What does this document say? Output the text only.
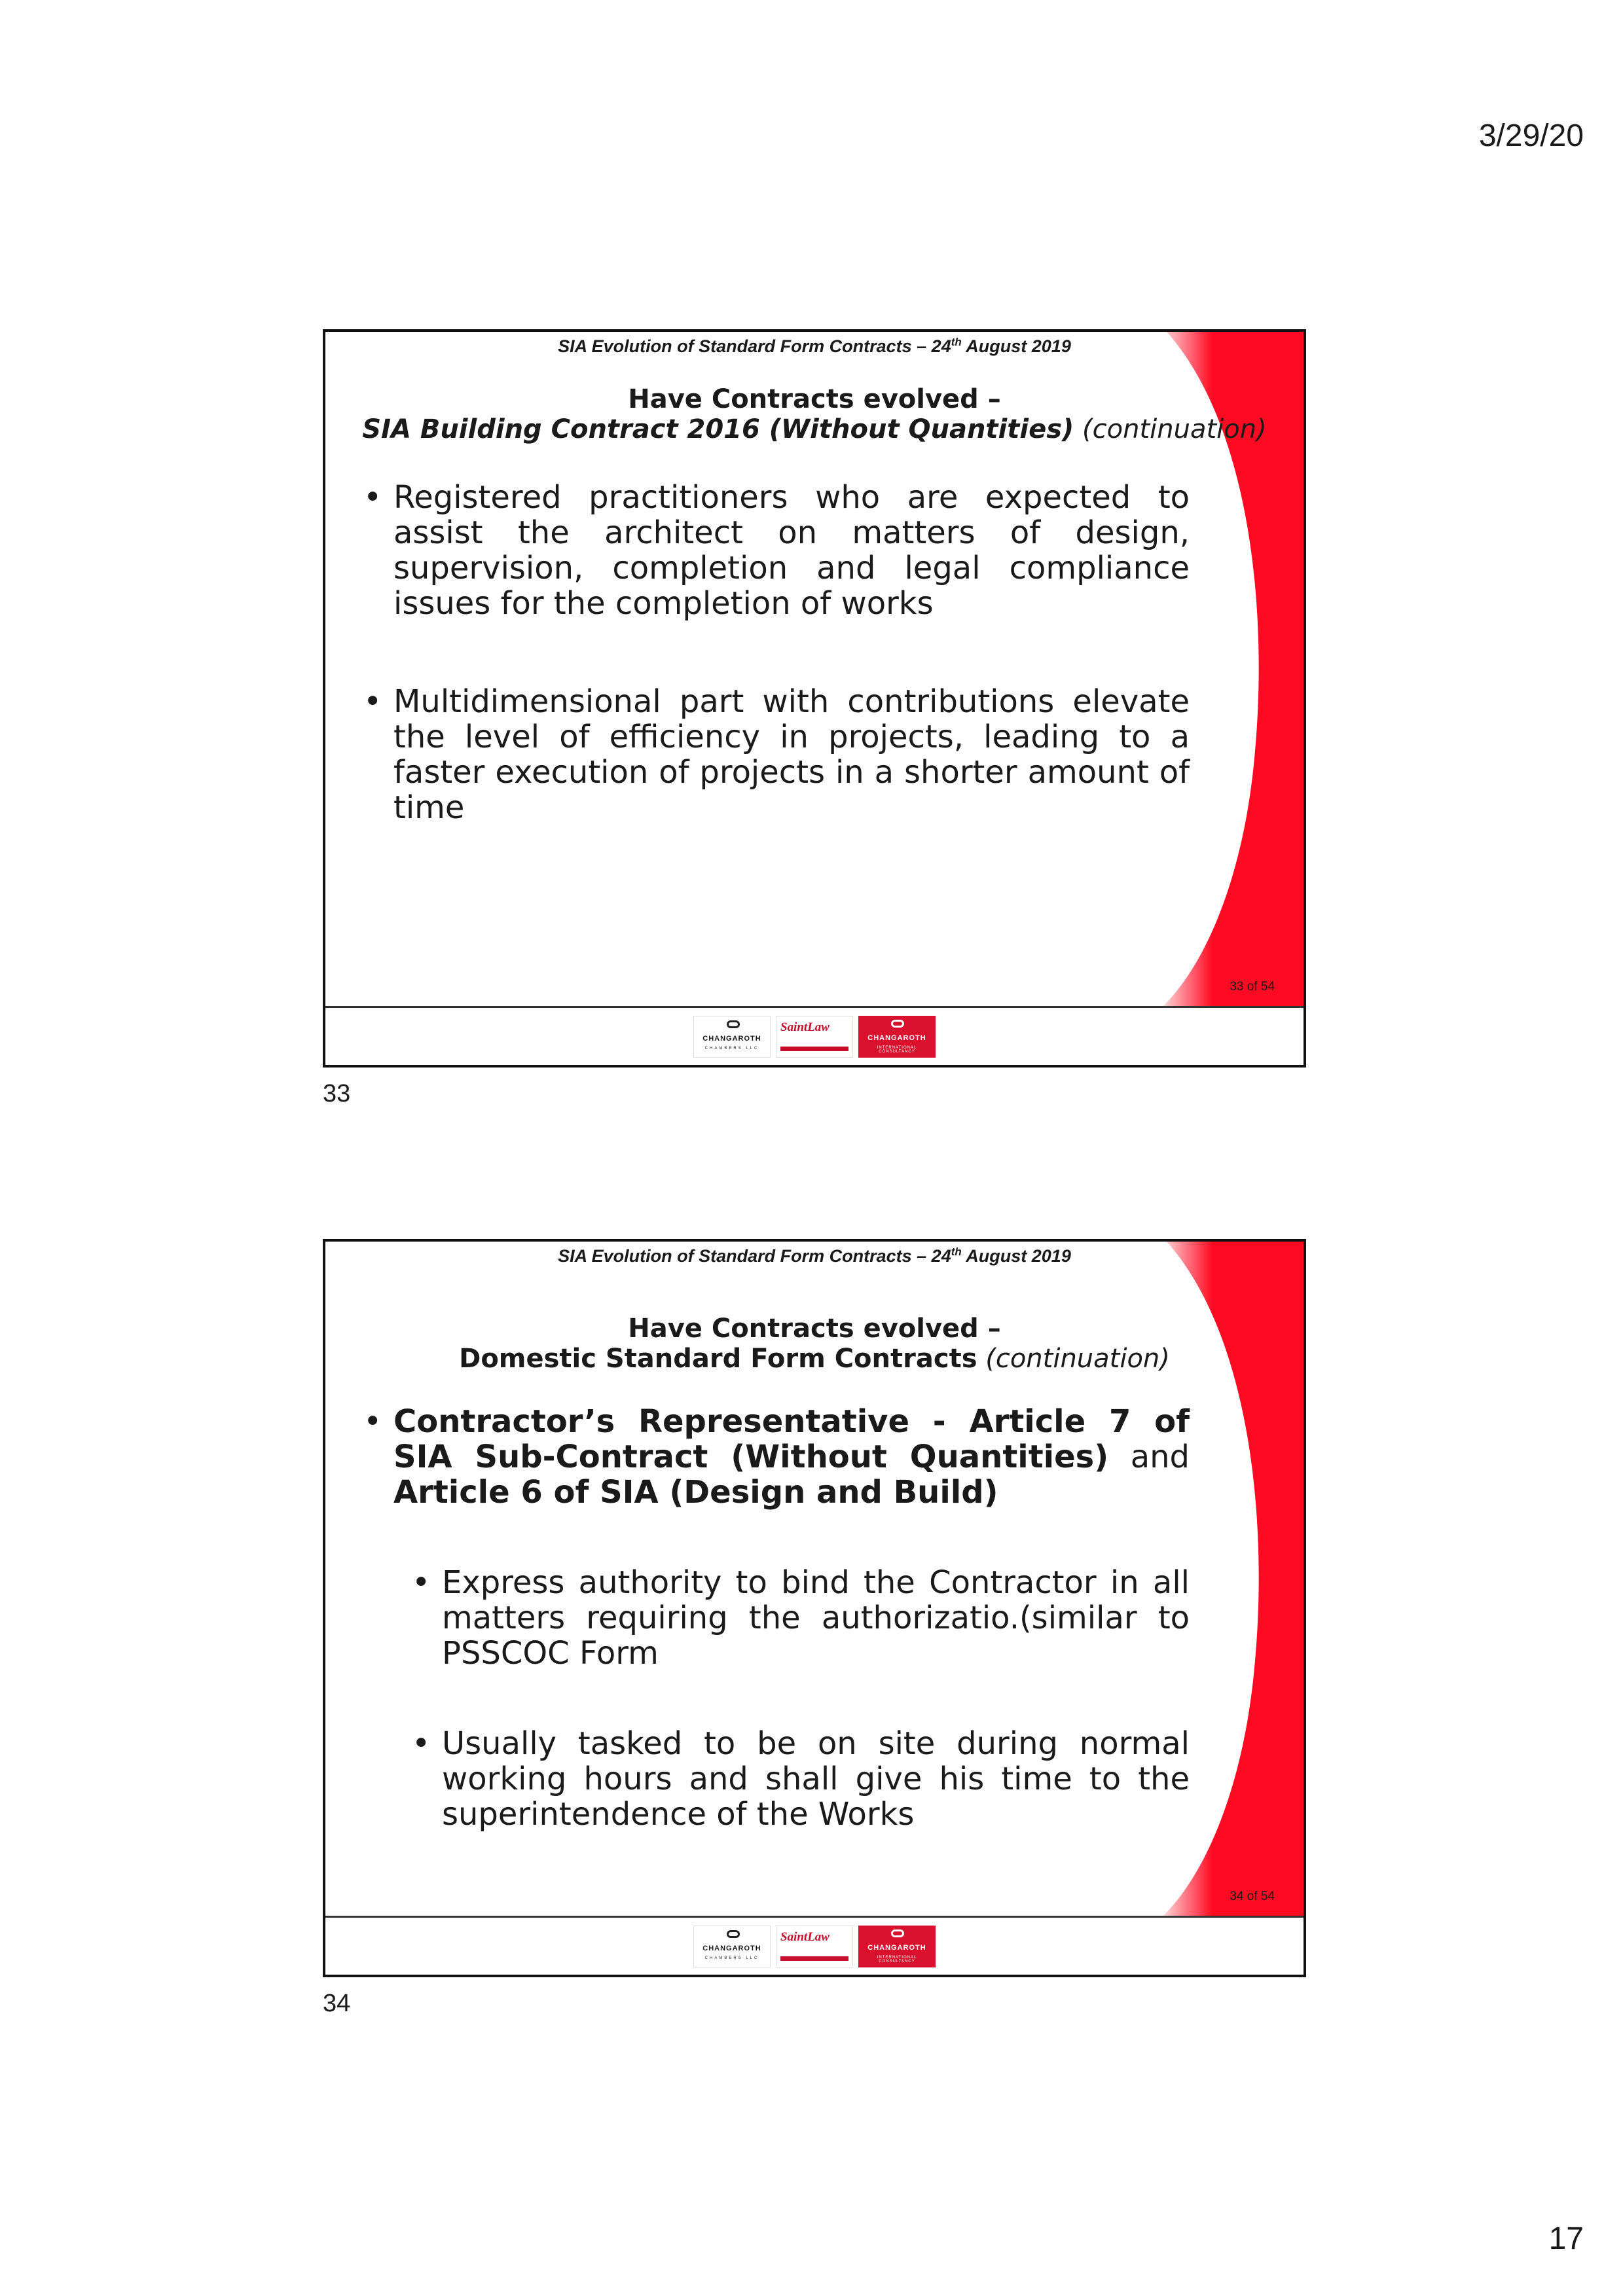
3/29/20
SIA Evolution of Standard Form Contracts – 24th August 2019
Have Contracts evolved –
SIA Building Contract 2016 (Without Quantities) (continuation)
• Registered practitioners who are expected to assist the architect on matters of design, supervision, completion and legal compliance issues for the completion of works
• Multidimensional part with contributions elevate the level of efficiency in projects, leading to a faster execution of projects in a shorter amount of time
33 of 54
CHANGAROTH
CHAMBERS LLC
SaintLaw
CHANGAROTH
INTERNATIONAL CONSULTANCY
33
SIA Evolution of Standard Form Contracts – 24th August 2019
Have Contracts evolved –
Domestic Standard Form Contracts (continuation)
• Contractor’s Representative - Article 7 of SIA Sub-Contract (Without Quantities) and Article 6 of SIA (Design and Build)
• Express authority to bind the Contractor in all matters requiring the authorizatio.(similar to PSSCOC Form
• Usually tasked to be on site during normal working hours and shall give his time to the superintendence of the Works
34 of 54
CHANGAROTH
CHAMBERS LLC
SaintLaw
CHANGAROTH
INTERNATIONAL CONSULTANCY
34
17
